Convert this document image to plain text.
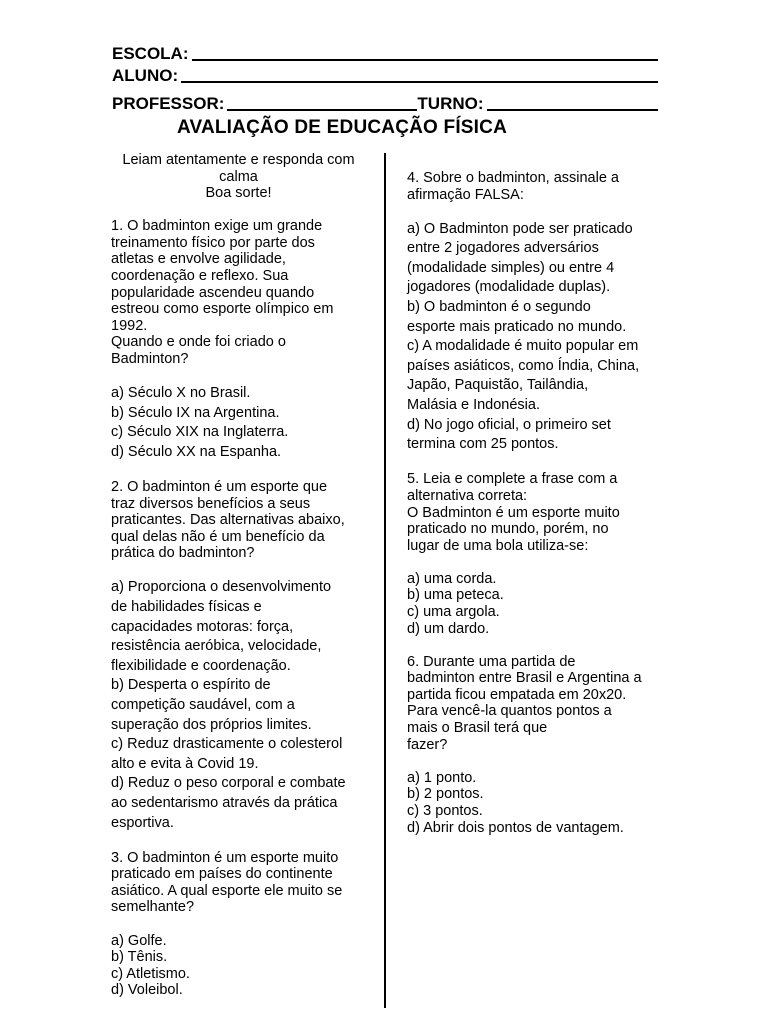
ESCOLA:
ALUNO:
PROFESSOR:	TURNO:
AVALIAÇÃO DE EDUCAÇÃO FÍSICA
Leiam atentamente e responda com
calma
Boa sorte!
1. O badminton exige um grande
treinamento físico por parte dos
atletas e envolve agilidade,
coordenação e reflexo. Sua
popularidade ascendeu quando
estreou como esporte olímpico em
1992.
Quando e onde foi criado o
Badminton?
a) Século X no Brasil.
b) Século IX na Argentina.
c) Século XIX na Inglaterra.
d) Século XX na Espanha.
2. O badminton é um esporte que
traz diversos benefícios a seus
praticantes. Das alternativas abaixo,
qual delas não é um benefício da
prática do badminton?
a) Proporciona o desenvolvimento
de habilidades físicas e
capacidades motoras: força,
resistência aeróbica, velocidade,
flexibilidade e coordenação.
b) Desperta o espírito de
competição saudável, com a
superação dos próprios limites.
c) Reduz drasticamente o colesterol
alto e evita à Covid 19.
d) Reduz o peso corporal e combate
ao sedentarismo através da prática
esportiva.
3. O badminton é um esporte muito
praticado em países do continente
asiático. A qual esporte ele muito se
semelhante?
a) Golfe.
b) Tênis.
c) Atletismo.
d) Voleibol.
4. Sobre o badminton, assinale a
afirmação FALSA:
a) O Badminton pode ser praticado
entre 2 jogadores adversários
(modalidade simples) ou entre 4
jogadores (modalidade duplas).
b) O badminton é o segundo
esporte mais praticado no mundo.
c) A modalidade é muito popular em
países asiáticos, como Índia, China,
Japão, Paquistão, Tailândia,
Malásia e Indonésia.
d) No jogo oficial, o primeiro set
termina com 25 pontos.
5. Leia e complete a frase com a
alternativa correta:
O Badminton é um esporte muito
praticado no mundo, porém, no
lugar de uma bola utiliza-se:
a) uma corda.
b) uma peteca.
c) uma argola.
d) um dardo.
6. Durante uma partida de
badminton entre Brasil e Argentina a
partida ficou empatada em 20x20.
Para vencê-la quantos pontos a
mais o Brasil terá que
fazer?
a) 1 ponto.
b) 2 pontos.
c) 3 pontos.
d) Abrir dois pontos de vantagem.
